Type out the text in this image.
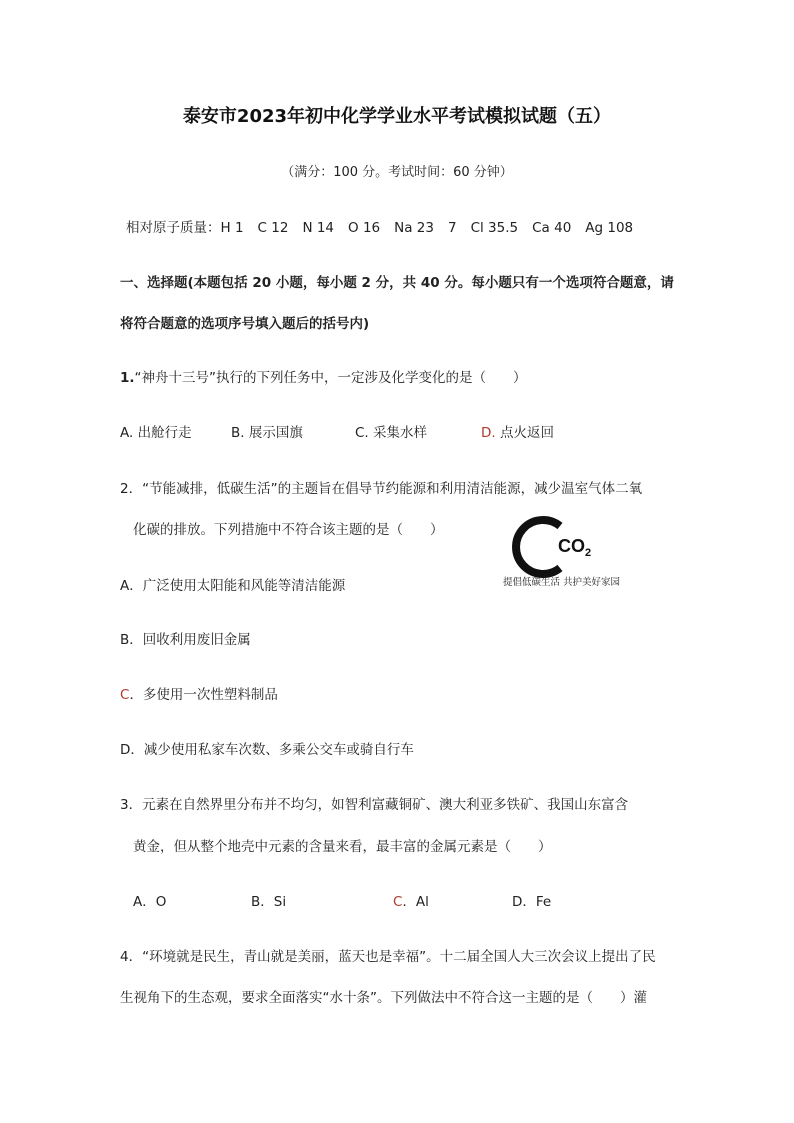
泰安市2023年初中化学学业水平考试模拟试题（五）
（满分：100 分。考试时间：60 分钟）
相对原子质量：H 1 C 12 N 14 O 16 Na 23 7 Cl 35.5 Ca 40 Ag 108
一、选择题(本题包括 20 小题，每小题 2 分，共 40 分。每小题只有一个选项符合题意，请
将符合题意的选项序号填入题后的括号内)
1.“神舟十三号”执行的下列任务中，一定涉及化学变化的是（　　）
A. 出舱行走	B. 展示国旗	C. 采集水样	D. 点火返回
2．“节能减排，低碳生活”的主题旨在倡导节约能源和利用清洁能源，减少温室气体二氧
化碳的排放。下列措施中不符合该主题的是（　　）
CO 2
提倡低碳生活 共护美好家园
A．广泛使用太阳能和风能等清洁能源
B．回收利用废旧金属
C．多使用一次性塑料制品
D．减少使用私家车次数、多乘公交车或骑自行车
3．元素在自然界里分布并不均匀，如智利富藏铜矿、澳大利亚多铁矿、我国山东富含
黄金，但从整个地壳中元素的含量来看，最丰富的金属元素是（　　）
A．O	B．Si	C．Al	D．Fe
4．“环境就是民生，青山就是美丽，蓝天也是幸福”。十二届全国人大三次会议上提出了民
生视角下的生态观，要求全面落实“水十条”。下列做法中不符合这一主题的是（　　）灌
